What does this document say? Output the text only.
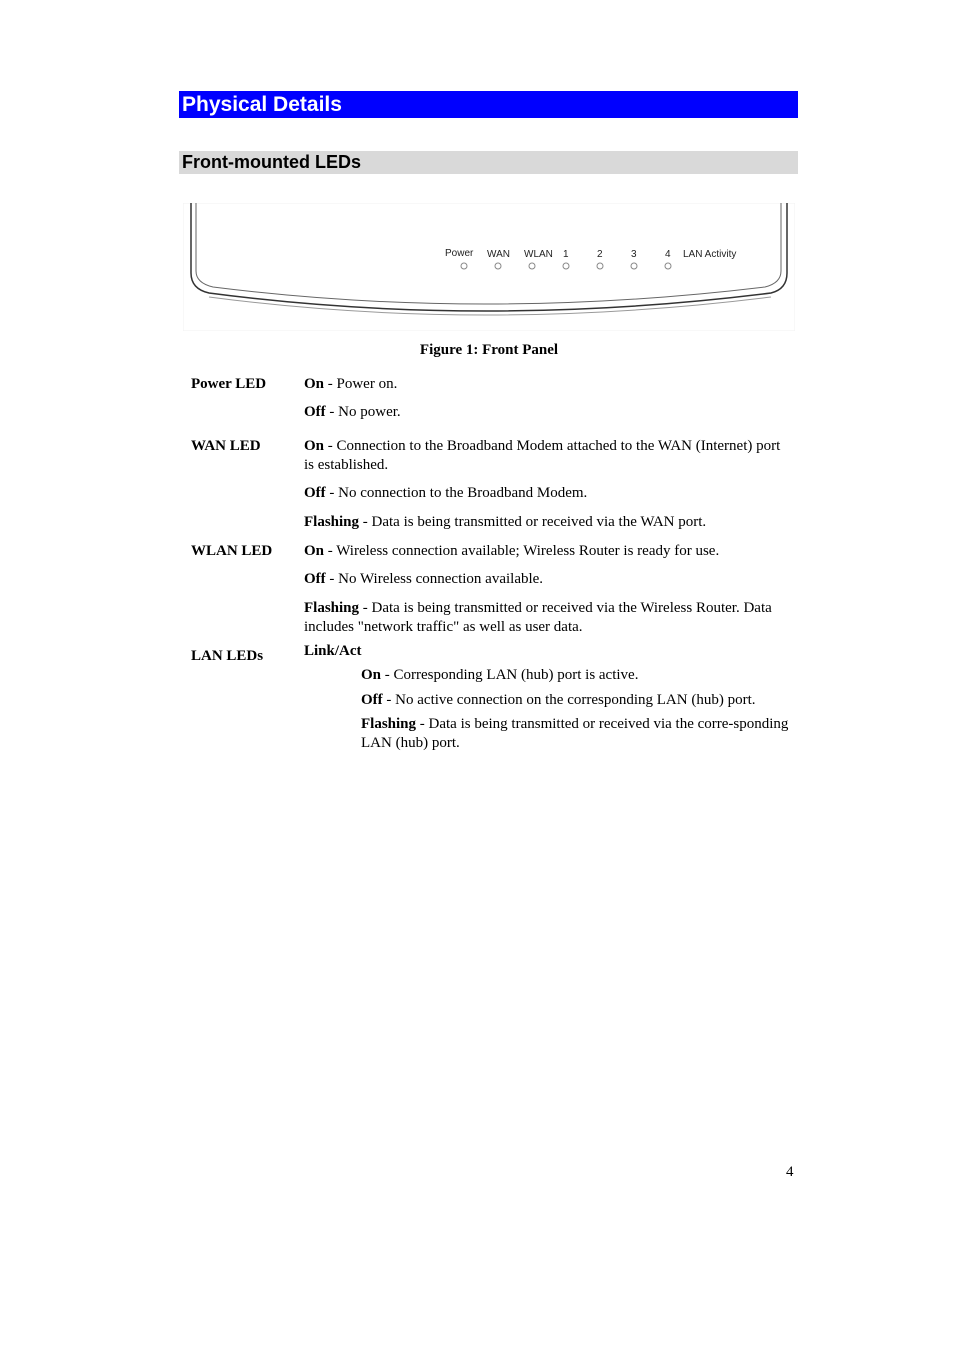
Physical Details
Front-mounted LEDs
Power WAN WLAN 1	2	3	4 LAN Activity
Figure 1: Front Panel
Power LED	On - Power on.
Off - No power.
WAN LED	On - Connection to the Broadband Modem attached to the WAN (Internet) port is established.
Off - No connection to the Broadband Modem.
Flashing - Data is being transmitted or received via the WAN port.
WLAN LED On - Wireless connection available; Wireless Router is ready for use.
Off - No Wireless connection available.
Flashing - Data is being transmitted or received via the Wireless Router. Data includes "network traffic" as well as user data.
LAN LEDs	Link/Act
On - Corresponding LAN (hub) port is active.
Off - No active connection on the corresponding LAN (hub) port.
Flashing - Data is being transmitted or received via the corre-sponding LAN (hub) port.
4
